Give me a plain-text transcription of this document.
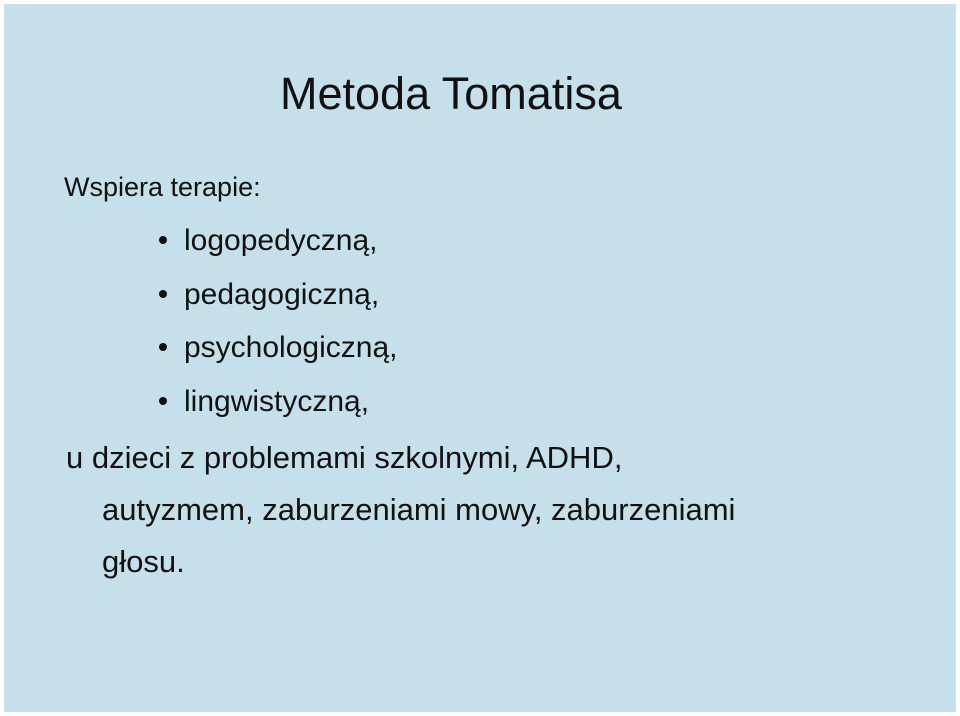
Metoda Tomatisa
Wspiera terapie:
logopedyczną,
pedagogiczną,
psychologiczną,
lingwistyczną,
u dzieci z problemami szkolnymi, ADHD,
autyzmem, zaburzeniami mowy, zaburzeniami
głosu.
